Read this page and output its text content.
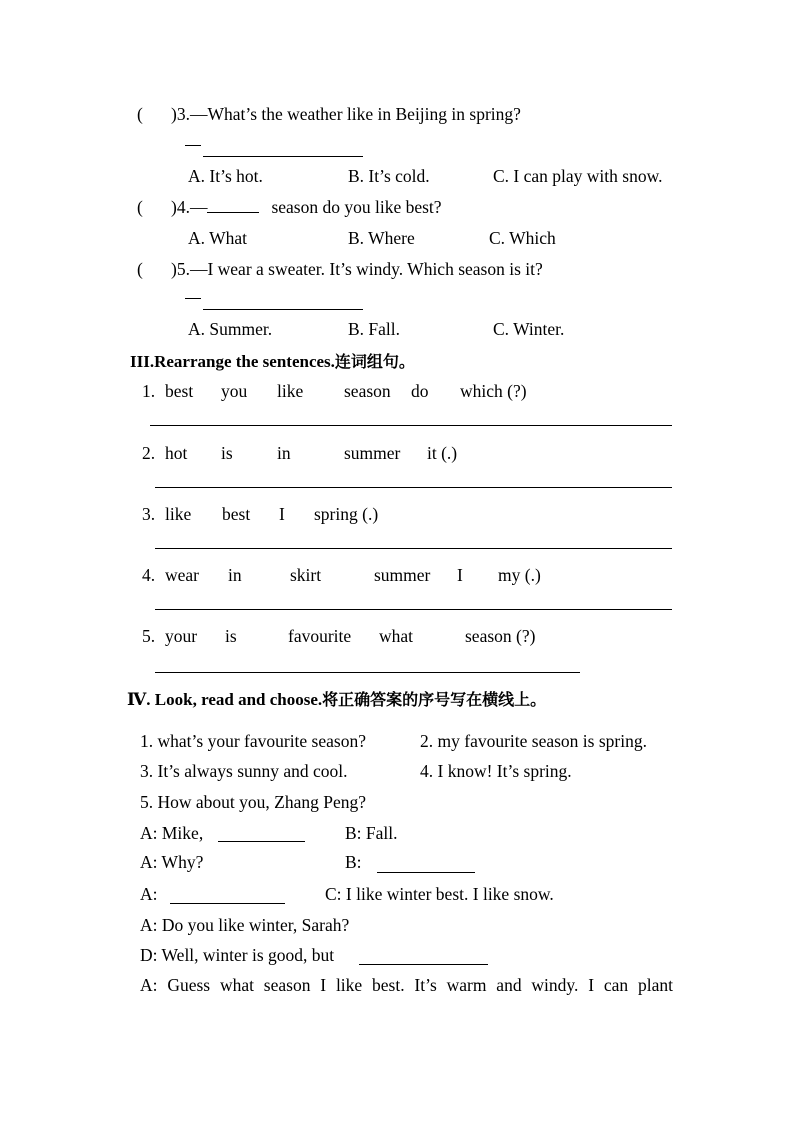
( )3.—What’s the weather like in Beijing in spring?
A. It’s hot.	B. It’s cold.	C. I can play with snow.
( )4.—	season do you like best?
A. What	B. Where	C. Which
( )5.—I wear a sweater. It’s windy. Which season is it?
A. Summer.	B. Fall.	C. Winter.
III.Rearrange the sentences.连词组句。
1. best you like season do which (?)
2. hot is	in	summer it (.)
3. like best I spring (.)
4. wear in	skirt	summer I my (.)
5. your is	favourite what	season (?)
Ⅳ. Look, read and choose.将正确答案的序号写在横线上。
1. what’s your favourite season?	2. my favourite season is spring.
3. It’s always sunny and cool.	4. I know! It’s spring.
5. How about you, Zhang Peng?
A: Mike,	B: Fall.
A: Why?	B:
A:	C: I like winter best. I like snow.
A: Do you like winter, Sarah?
D: Well, winter is good, but
A: Guess what season I like best. It’s warm and windy. I can plant
